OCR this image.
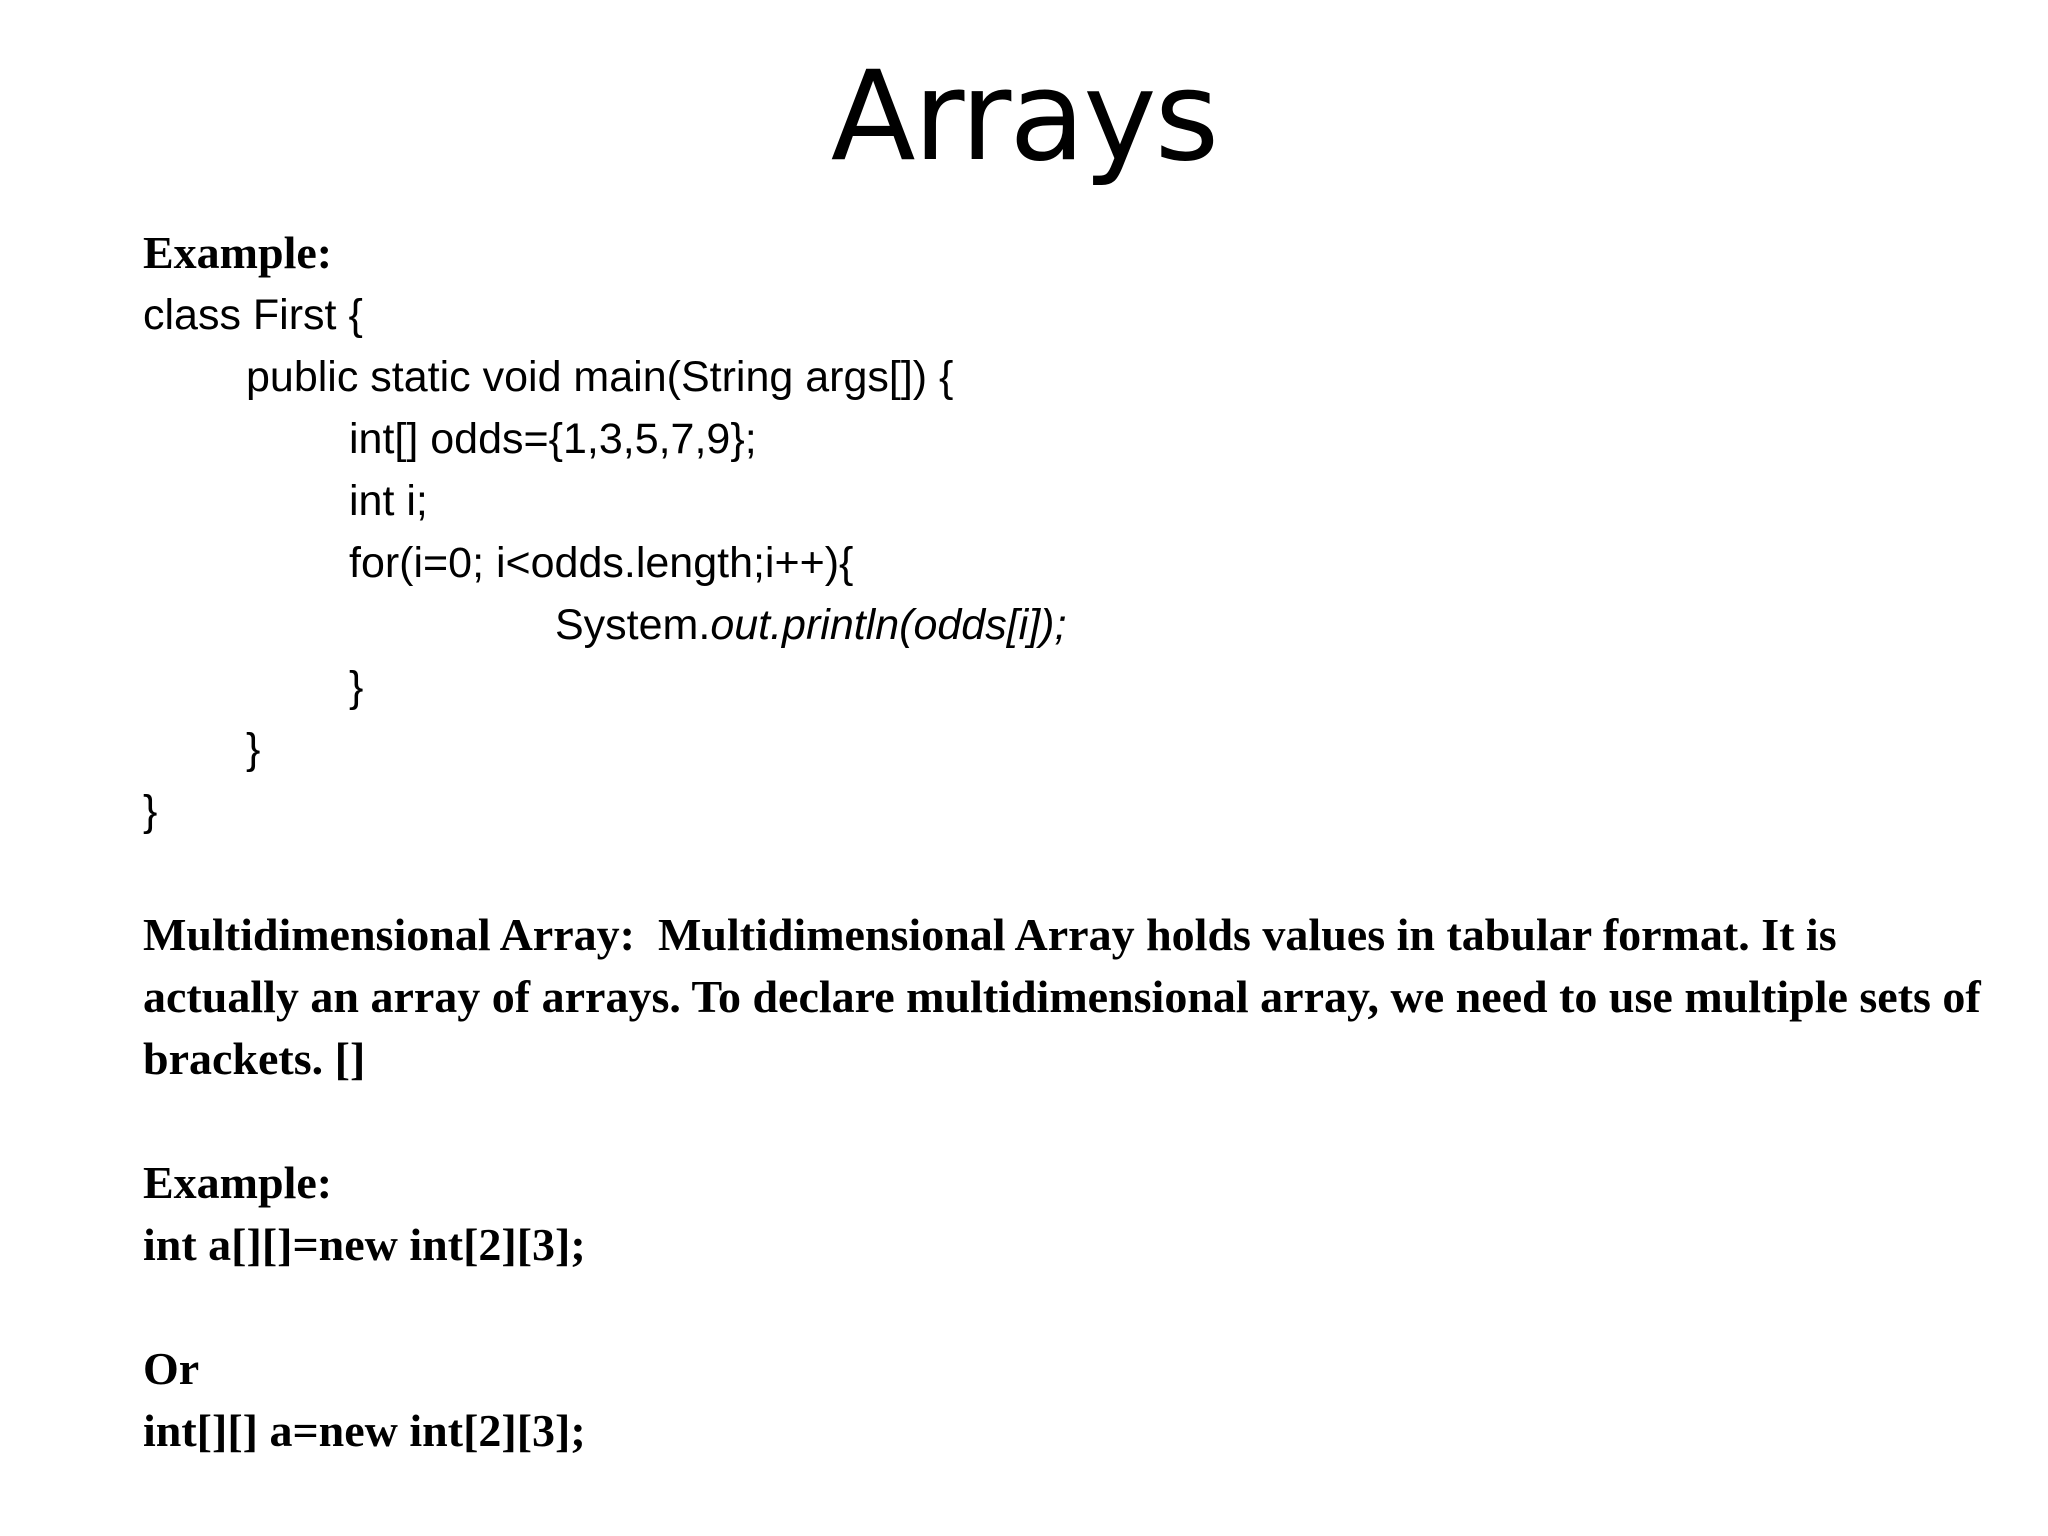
Arrays
Example:
class First {
public static void main(String args[]) {
int[] odds={1,3,5,7,9};
int i;
for(i=0; i<odds.length;i++){
System.out.println(odds[i]);
}
}
}
Multidimensional Array: Multidimensional Array holds values in tabular format. It is actually an array of arrays. To declare multidimensional array, we need to use multiple sets of brackets. []
Example:
int a[][]=new int[2][3];
Or
int[][] a=new int[2][3];
